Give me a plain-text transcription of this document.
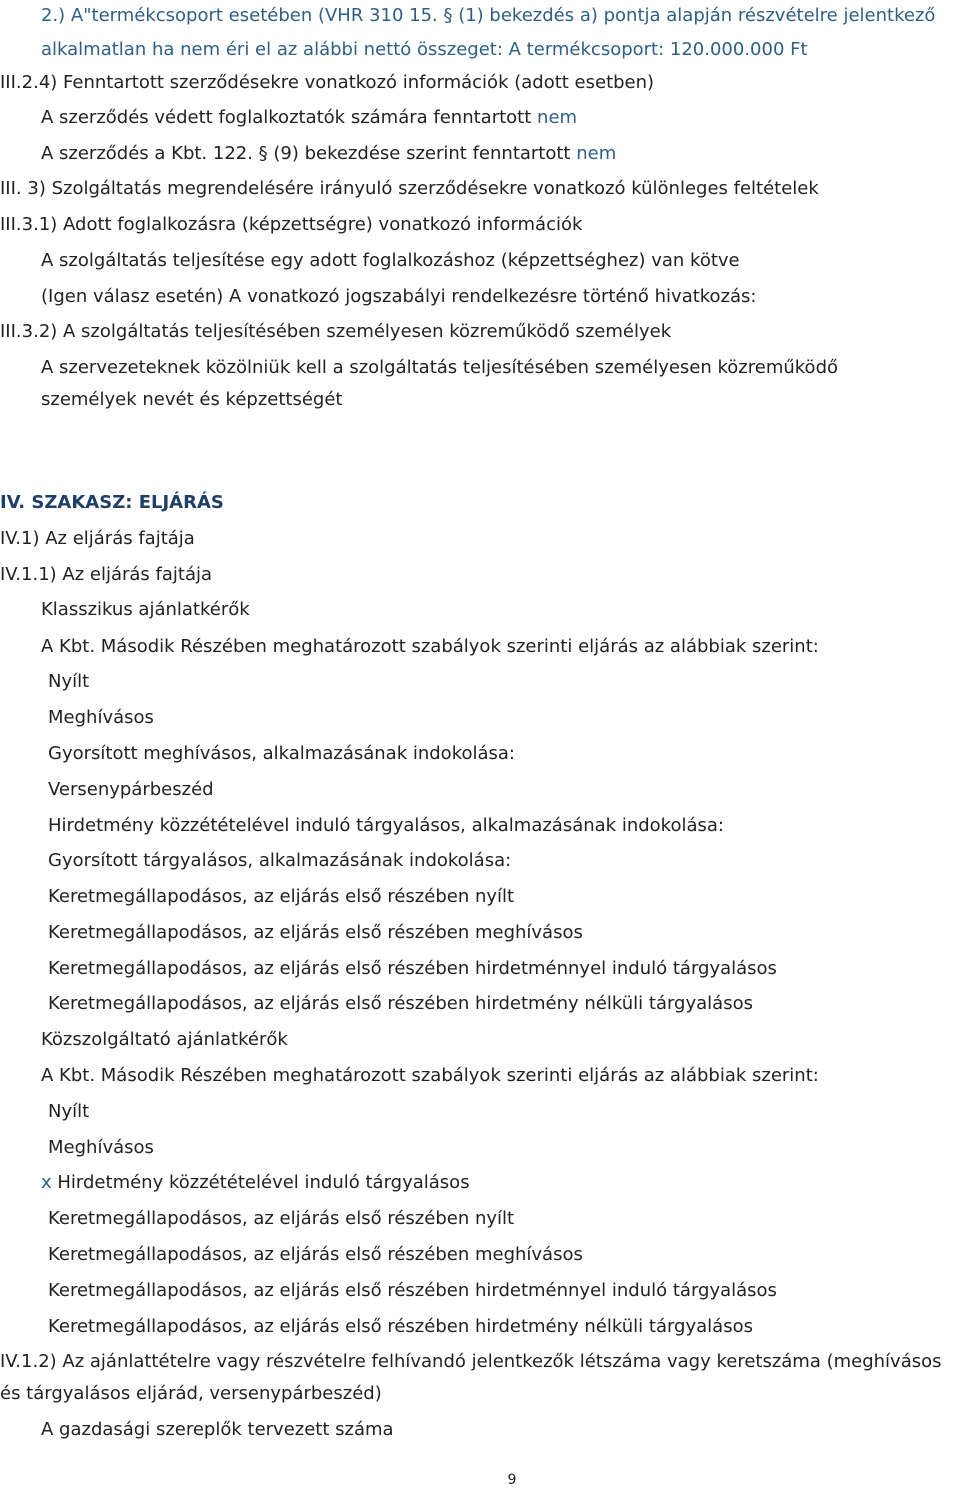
2.) A"termékcsoport esetében (VHR 310 15. § (1) bekezdés a) pontja alapján részvételre jelentkező
alkalmatlan ha nem éri el az alábbi nettó összeget: A termékcsoport: 120.000.000 Ft
III.2.4) Fenntartott szerződésekre vonatkozó információk (adott esetben)
A szerződés védett foglalkoztatók számára fenntartott nem
A szerződés a Kbt. 122. § (9) bekezdése szerint fenntartott nem
III. 3) Szolgáltatás megrendelésére irányuló szerződésekre vonatkozó különleges feltételek
III.3.1) Adott foglalkozásra (képzettségre) vonatkozó információk
A szolgáltatás teljesítése egy adott foglalkozáshoz (képzettséghez) van kötve
(Igen válasz esetén) A vonatkozó jogszabályi rendelkezésre történő hivatkozás:
III.3.2) A szolgáltatás teljesítésében személyesen közreműködő személyek
A szervezeteknek közölniük kell a szolgáltatás teljesítésében személyesen közreműködő
személyek nevét és képzettségét
IV. SZAKASZ: ELJÁRÁS
IV.1) Az eljárás fajtája
IV.1.1) Az eljárás fajtája
Klasszikus ajánlatkérők
A Kbt. Második Részében meghatározott szabályok szerinti eljárás az alábbiak szerint:
Nyílt
Meghívásos
Gyorsított meghívásos, alkalmazásának indokolása:
Versenypárbeszéd
Hirdetmény közzétételével induló tárgyalásos, alkalmazásának indokolása:
Gyorsított tárgyalásos, alkalmazásának indokolása:
Keretmegállapodásos, az eljárás első részében nyílt
Keretmegállapodásos, az eljárás első részében meghívásos
Keretmegállapodásos, az eljárás első részében hirdetménnyel induló tárgyalásos
Keretmegállapodásos, az eljárás első részében hirdetmény nélküli tárgyalásos
Közszolgáltató ajánlatkérők
A Kbt. Második Részében meghatározott szabályok szerinti eljárás az alábbiak szerint:
Nyílt
Meghívásos
x Hirdetmény közzétételével induló tárgyalásos
Keretmegállapodásos, az eljárás első részében nyílt
Keretmegállapodásos, az eljárás első részében meghívásos
Keretmegállapodásos, az eljárás első részében hirdetménnyel induló tárgyalásos
Keretmegállapodásos, az eljárás első részében hirdetmény nélküli tárgyalásos
IV.1.2) Az ajánlattételre vagy részvételre felhívandó jelentkezők létszáma vagy keretszáma (meghívásos
és tárgyalásos eljárád, versenypárbeszéd)
A gazdasági szereplők tervezett száma
9
